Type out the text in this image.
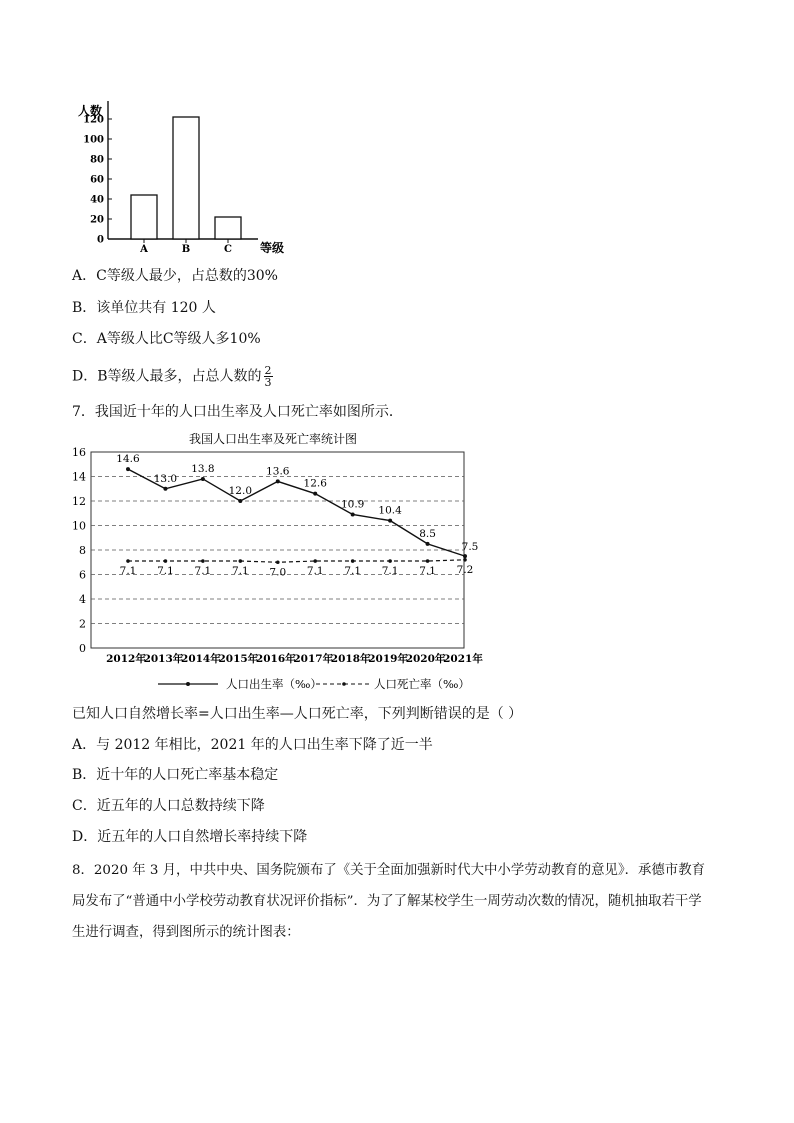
0
20
40
60
80
100
120
人数
等级
A	B	C
A．C等级人最少，占总数的30%
B．该单位共有 120 人
C．A等级人比C等级人多10%
D．B等级人最多，占总人数的 $\frac{2}{3}$
7．我国近十年的人口出生率及人口死亡率如图所示．
我国人口出生率及死亡率统计图
0
2
4
6
8
10
12
14
16
2012年
2013年
2014年
2015年
2016年
2017年
2018年
2019年
2020年
2021年
14.6
13.0
13.8
12.0
13.6
12.6
10.9
10.4
8.5
7.5
7.1 7.1 7.1 7.1 7.0 7.1 7.1 7.1 7.1 7.2
人口出生率（‰）	人口死亡率（‰）
已知人口自然增长率=人口出生率—人口死亡率，下列判断错误的是（ ）
A．与 2012 年相比，2021 年的人口出生率下降了近一半
B．近十年的人口死亡率基本稳定
C．近五年的人口总数持续下降
D．近五年的人口自然增长率持续下降
8．2020 年 3 月，中共中央、国务院颁布了《关于全面加强新时代大中小学劳动教育的意见》．承德市教育
局发布了“普通中小学校劳动教育状况评价指标”．为了了解某校学生一周劳动次数的情况，随机抽取若干学
生进行调查，得到图所示的统计图表：
